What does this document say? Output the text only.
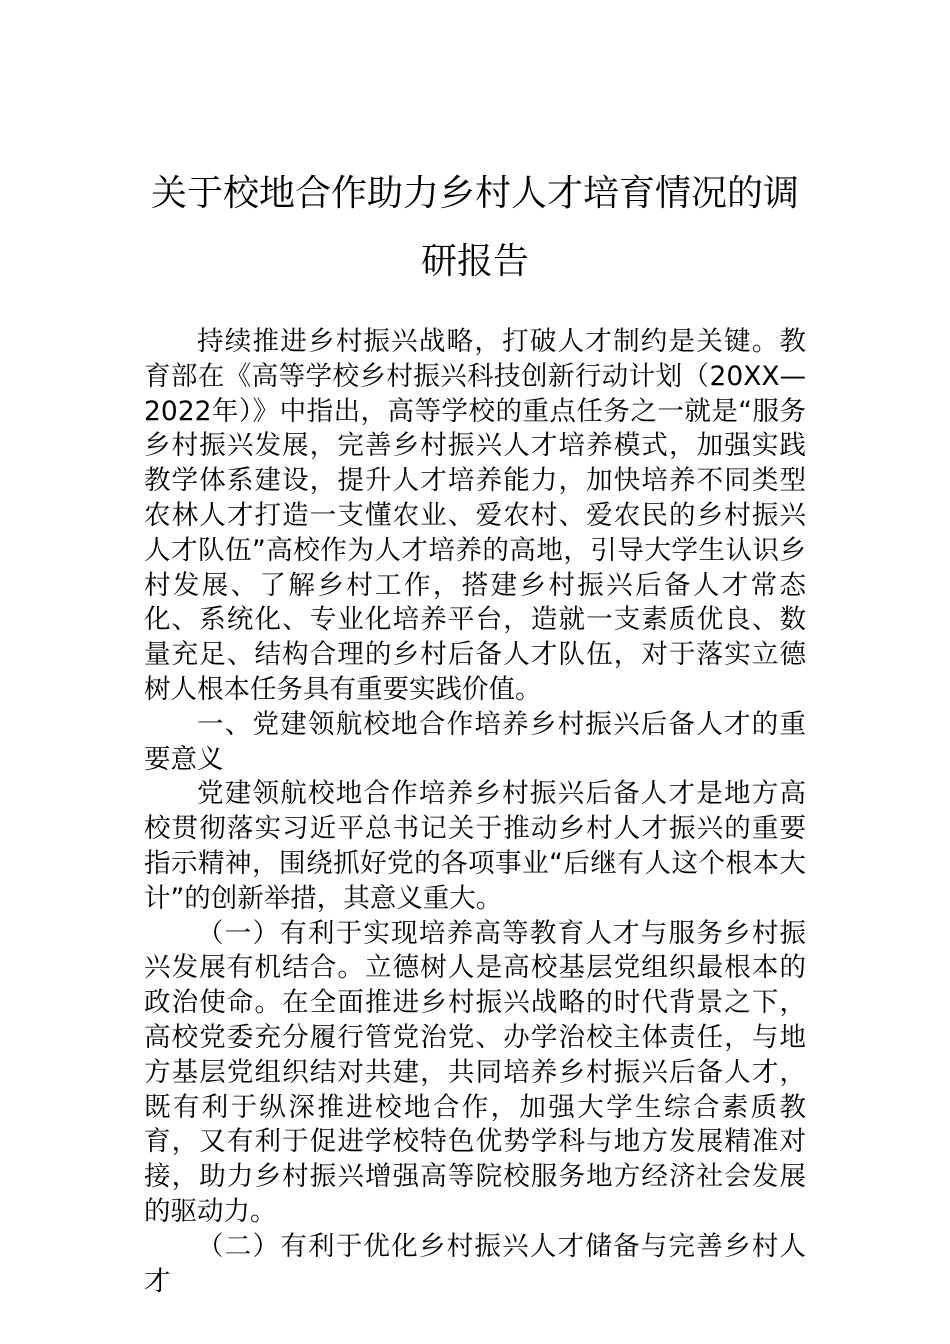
关于校地合作助力乡村人才培育情况的调研报告

持续推进乡村振兴战略，打破人才制约是关键。教育部在《高等学校乡村振兴科技创新行动计划（20XX—2022年）》中指出，高等学校的重点任务之一就是“服务乡村振兴发展，完善乡村振兴人才培养模式，加强实践教学体系建设，提升人才培养能力，加快培养不同类型农林人才打造一支懂农业、爱农村、爱农民的乡村振兴人才队伍”高校作为人才培养的高地，引导大学生认识乡村发展、了解乡村工作，搭建乡村振兴后备人才常态化、系统化、专业化培养平台，造就一支素质优良、数量充足、结构合理的乡村后备人才队伍，对于落实立德树人根本任务具有重要实践价值。

一、党建领航校地合作培养乡村振兴后备人才的重要意义

党建领航校地合作培养乡村振兴后备人才是地方高校贯彻落实习近平总书记关于推动乡村人才振兴的重要指示精神，围绕抓好党的各项事业“后继有人这个根本大计”的创新举措，其意义重大。

（一）有利于实现培养高等教育人才与服务乡村振兴发展有机结合。立德树人是高校基层党组织最根本的政治使命。在全面推进乡村振兴战略的时代背景之下，高校党委充分履行管党治党、办学治校主体责任，与地方基层党组织结对共建，共同培养乡村振兴后备人才，既有利于纵深推进校地合作，加强大学生综合素质教育，又有利于促进学校特色优势学科与地方发展精准对接，助力乡村振兴增强高等院校服务地方经济社会发展的驱动力。

（二）有利于优化乡村振兴人才储备与完善乡村人才
